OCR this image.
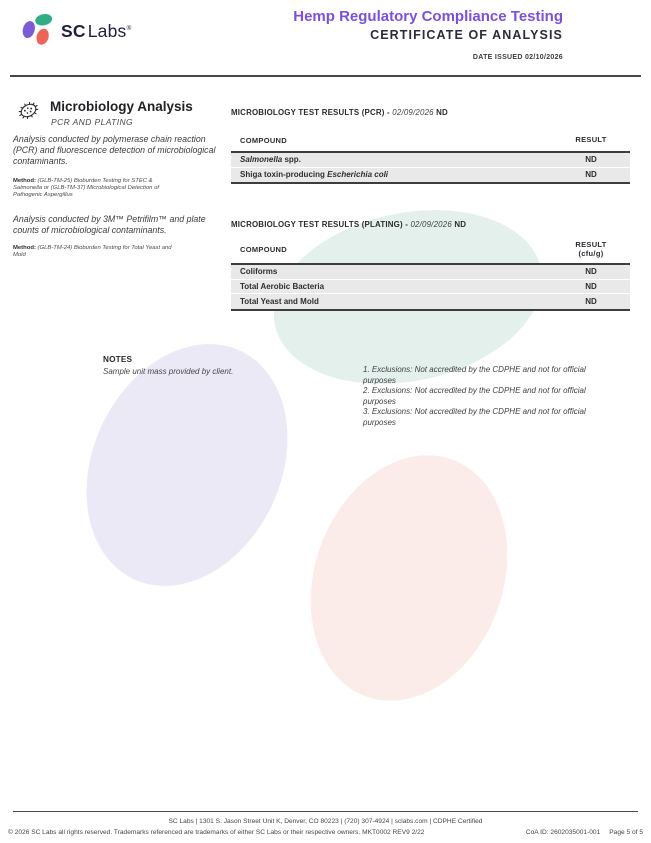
SC Labs®
Hemp Regulatory Compliance Testing
CERTIFICATE OF ANALYSIS
DATE ISSUED 02/10/2026
Microbiology Analysis
PCR AND PLATING
Analysis conducted by polymerase chain reaction (PCR) and fluorescence detection of microbiological contaminants.
Method: (GLB-TM-25) Bioburden Testing for STEC & Salmonella or (GLB-TM-37) Microbiological Detection of Pathogenic Aspergillus
Analysis conducted by 3M™ Petrifilm™ and plate counts of microbiological contaminants.
Method: (GLB-TM-24) Bioburden Testing for Total Yeast and Mold
MICROBIOLOGY TEST RESULTS (PCR) - 02/09/2026 ND
COMPOUND	RESULT
Salmonella spp.	ND
Shiga toxin-producing Escherichia coli	ND
MICROBIOLOGY TEST RESULTS (PLATING) - 02/09/2026 ND
COMPOUND
RESULT
(cfu/g)
Coliforms	ND
Total Aerobic Bacteria	ND
Total Yeast and Mold	ND
NOTES
Sample unit mass provided by client.	1. Exclusions: Not accredited by the CDPHE and not for official purposes
2. Exclusions: Not accredited by the CDPHE and not for official purposes
3. Exclusions: Not accredited by the CDPHE and not for official purposes
SC Labs | 1301 S. Jason Street Unit K, Denver, CO 80223 | (720) 307-4924 | sclabs.com | CDPHE Certified
© 2026 SC Labs all rights reserved. Trademarks referenced are trademarks of either SC Labs or their respective owners. MKT0002 REV9 2/22	CoA ID: 2602035001-001 Page 5 of 5
